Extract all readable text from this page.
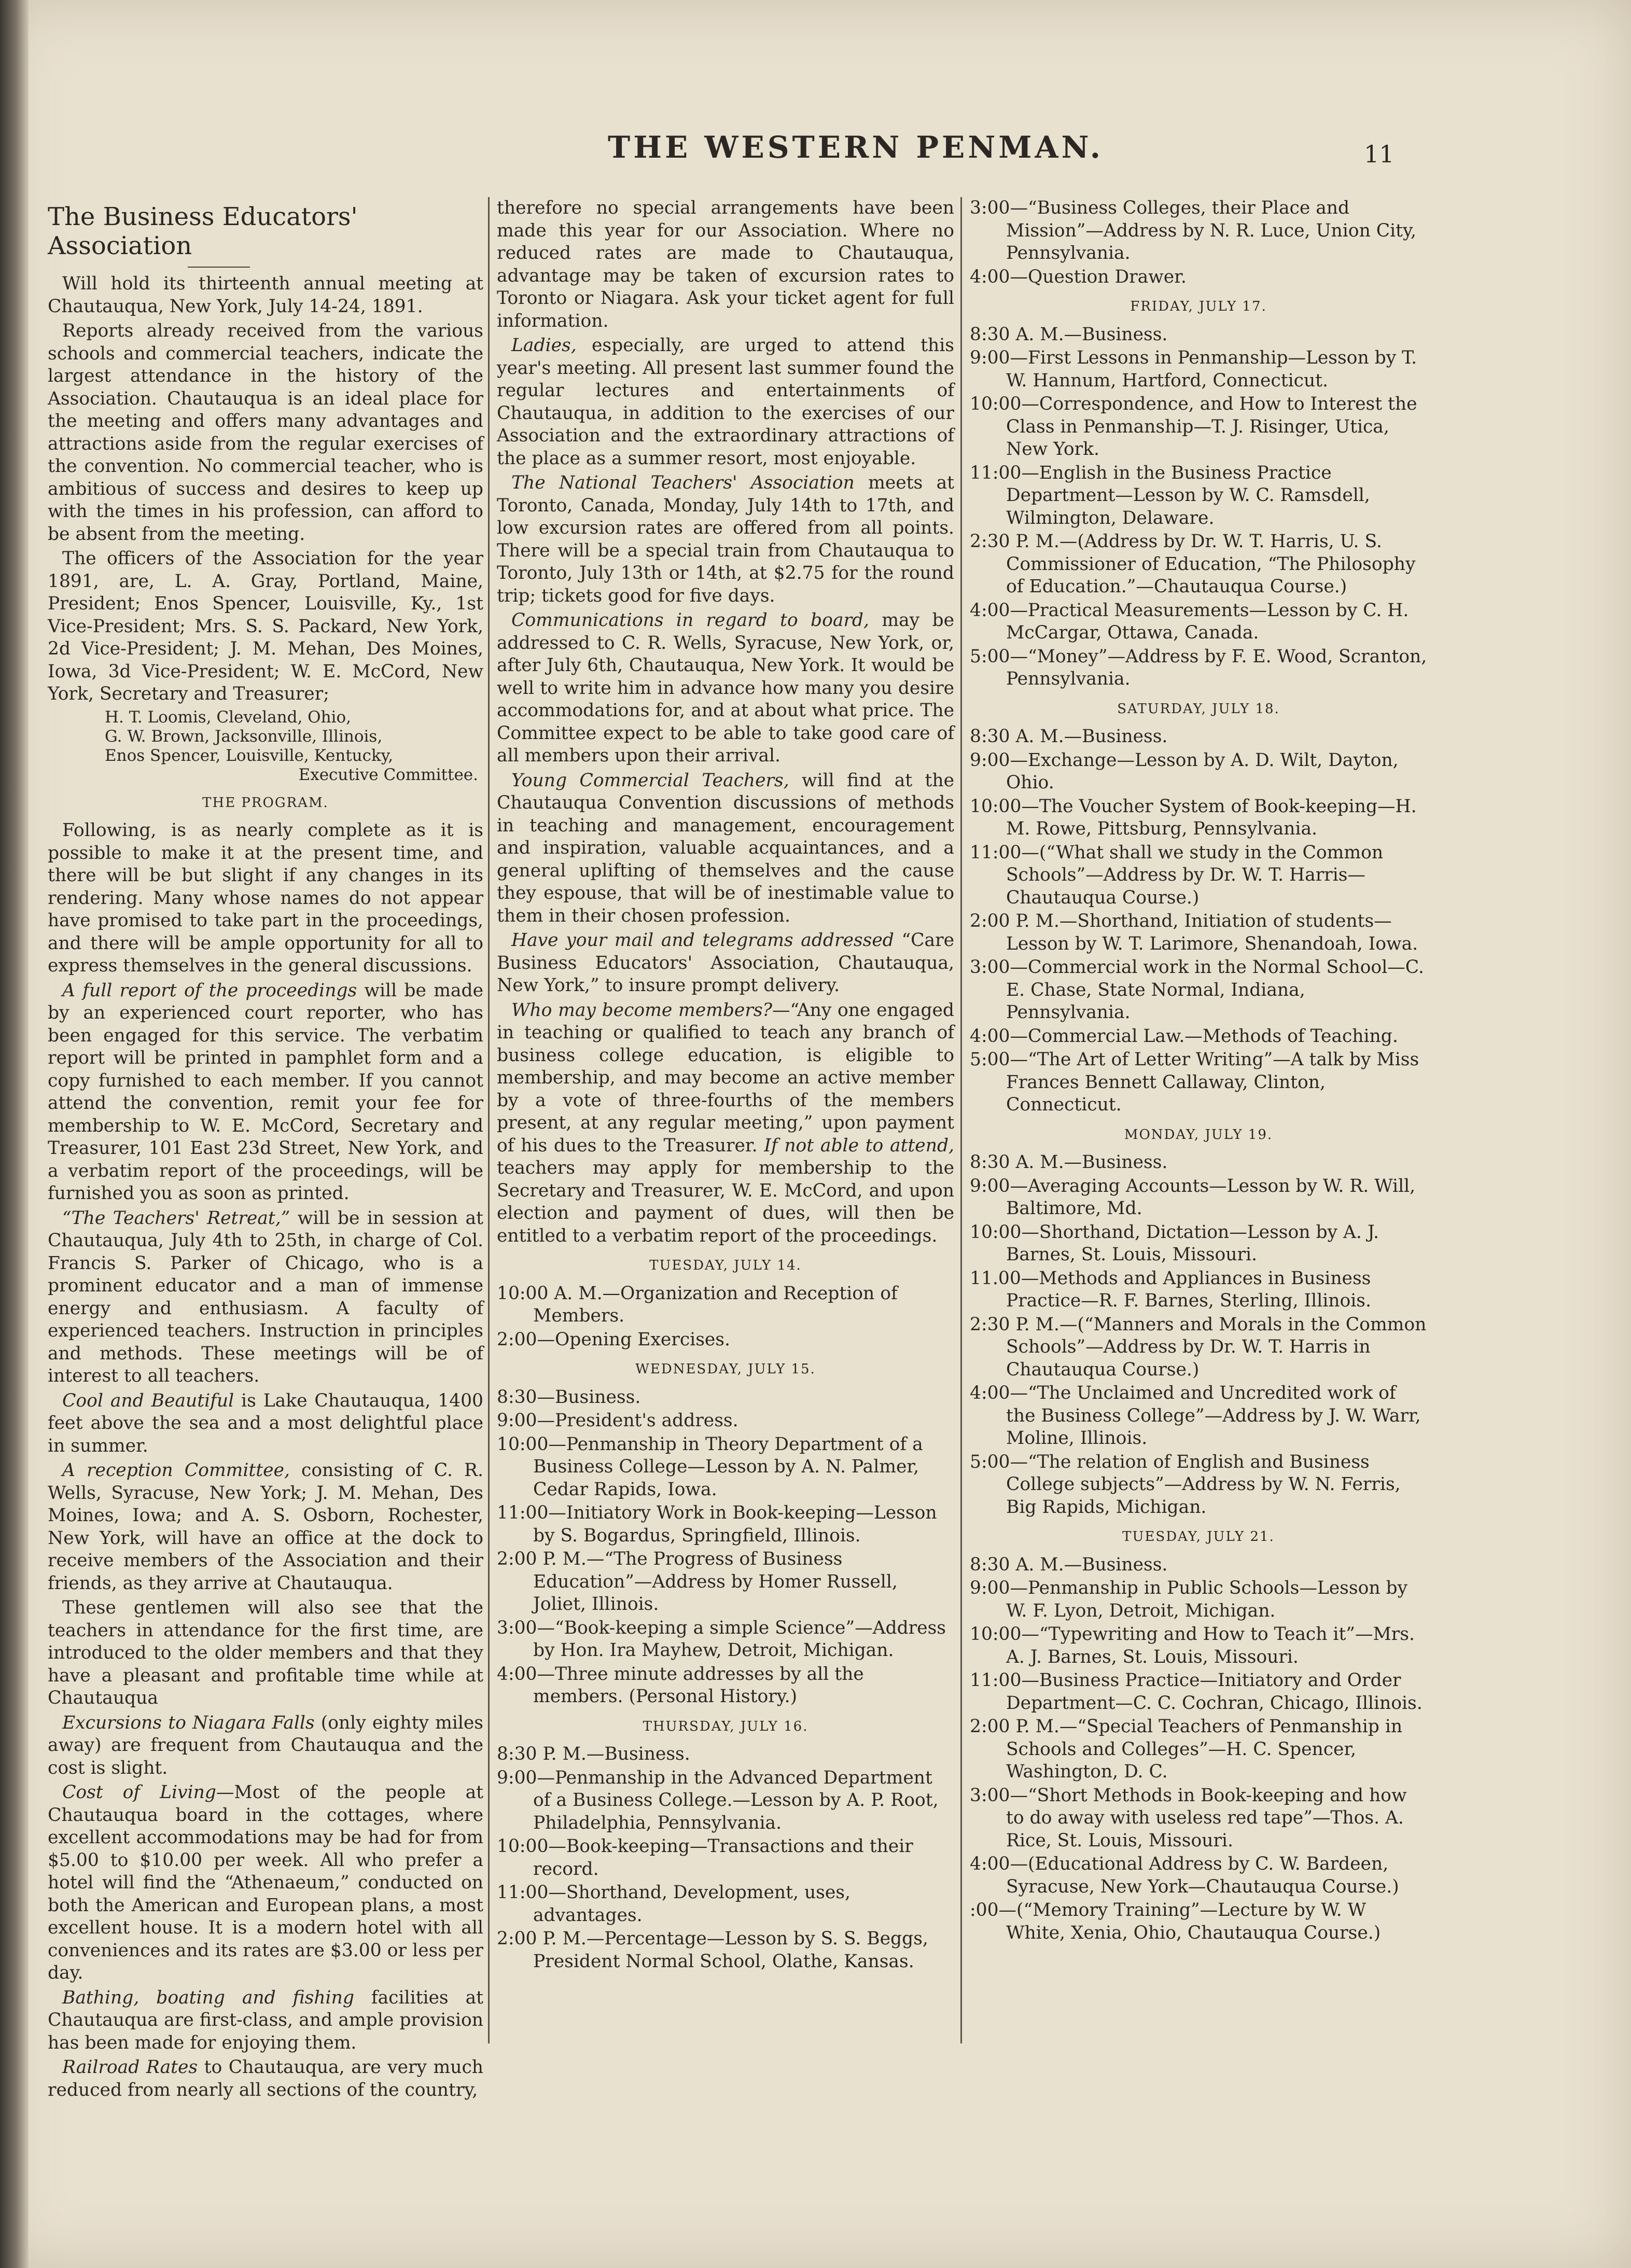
THE WESTERN PENMAN.	11
The Business Educators' Association

Will hold its thirteenth annual meeting at Chautauqua, New York, July 14-24, 1891.

Reports already received from the various schools and commercial teachers, indicate the largest attendance in the history of the Association. Chautauqua is an ideal place for the meeting and offers many advantages and attractions aside from the regular exercises of the convention. No commercial teacher, who is ambitious of success and desires to keep up with the times in his profession, can afford to be absent from the meeting.

The officers of the Association for the year 1891, are, L. A. Gray, Portland, Maine, President; Enos Spencer, Louisville, Ky., 1st Vice-President; Mrs. S. S. Packard, New York, 2d Vice-President; J. M. Mehan, Des Moines, Iowa, 3d Vice-President; W. E. McCord, New York, Secretary and Treasurer;

H. T. Loomis, Cleveland, Ohio,
G. W. Brown, Jacksonville, Illinois,
Enos Spencer, Louisville, Kentucky,
Executive Committee.
THE PROGRAM.

Following, is as nearly complete as it is possible to make it at the present time, and there will be but slight if any changes in its rendering. Many whose names do not appear have promised to take part in the proceedings, and there will be ample opportunity for all to express themselves in the general discussions.

A full report of the proceedings will be made by an experienced court reporter, who has been engaged for this service. The verbatim report will be printed in pamphlet form and a copy furnished to each member. If you cannot attend the convention, remit your fee for membership to W. E. McCord, Secretary and Treasurer, 101 East 23d Street, New York, and a verbatim report of the proceedings, will be furnished you as soon as printed.

“The Teachers' Retreat,” will be in session at Chautauqua, July 4th to 25th, in charge of Col. Francis S. Parker of Chicago, who is a prominent educator and a man of immense energy and enthusiasm. A faculty of experienced teachers. Instruction in principles and methods. These meetings will be of interest to all teachers.

Cool and Beautiful is Lake Chautauqua, 1400 feet above the sea and a most delightful place in summer.

A reception Committee, consisting of C. R. Wells, Syracuse, New York; J. M. Mehan, Des Moines, Iowa; and A. S. Osborn, Rochester, New York, will have an office at the dock to receive members of the Association and their friends, as they arrive at Chautauqua.

These gentlemen will also see that the teachers in attendance for the first time, are introduced to the older members and that they have a pleasant and profitable time while at Chautauqua

Excursions to Niagara Falls (only eighty miles away) are frequent from Chautauqua and the cost is slight.

Cost of Living—Most of the people at Chautauqua board in the cottages, where excellent accommodations may be had for from $5.00 to $10.00 per week. All who prefer a hotel will find the “Athenaeum,” conducted on both the American and European plans, a most excellent house. It is a modern hotel with all conveniences and its rates are $3.00 or less per day.

Bathing, boating and fishing facilities at Chautauqua are first-class, and ample provision has been made for enjoying them.

Railroad Rates to Chautauqua, are very much reduced from nearly all sections of the country,

therefore no special arrangements have been made this year for our Association. Where no reduced rates are made to Chautauqua, advantage may be taken of excursion rates to Toronto or Niagara. Ask your ticket agent for full information.

Ladies, especially, are urged to attend this year's meeting. All present last summer found the regular lectures and entertainments of Chautauqua, in addition to the exercises of our Association and the extraordinary attractions of the place as a summer resort, most enjoyable.

The National Teachers' Association meets at Toronto, Canada, Monday, July 14th to 17th, and low excursion rates are offered from all points. There will be a special train from Chautauqua to Toronto, July 13th or 14th, at $2.75 for the round trip; tickets good for five days.

Communications in regard to board, may be addressed to C. R. Wells, Syracuse, New York, or, after July 6th, Chautauqua, New York. It would be well to write him in advance how many you desire accommodations for, and at about what price. The Committee expect to be able to take good care of all members upon their arrival.

Young Commercial Teachers, will find at the Chautauqua Convention discussions of methods in teaching and management, encouragement and inspiration, valuable acquaintances, and a general uplifting of themselves and the cause they espouse, that will be of inestimable value to them in their chosen profession.

Have your mail and telegrams addressed “Care Business Educators' Association, Chautauqua, New York,” to insure prompt delivery.

Who may become members?—“Any one engaged in teaching or qualified to teach any branch of business college education, is eligible to membership, and may become an active member by a vote of three-fourths of the members present, at any regular meeting,” upon payment of his dues to the Treasurer. If not able to attend, teachers may apply for membership to the Secretary and Treasurer, W. E. McCord, and upon election and payment of dues, will then be entitled to a verbatim report of the proceedings.

TUESDAY, JULY 14.
10:00 A. M.—Organization and Reception of Members.
2:00—Opening Exercises.
WEDNESDAY, JULY 15.
8:30—Business.
9:00—President's address.
10:00—Penmanship in Theory Department of a Business College—Lesson by A. N. Palmer, Cedar Rapids, Iowa.
11:00—Initiatory Work in Book-keeping—Lesson by S. Bogardus, Springfield, Illinois.
2:00 P. M.—“The Progress of Business Education”—Address by Homer Russell, Joliet, Illinois.
3:00—“Book-keeping a simple Science”—Address by Hon. Ira Mayhew, Detroit, Michigan.
4:00—Three minute addresses by all the members. (Personal History.)
THURSDAY, JULY 16.
8:30 P. M.—Business.
9:00—Penmanship in the Advanced Department of a Business College.—Lesson by A. P. Root, Philadelphia, Pennsylvania.
10:00—Book-keeping—Transactions and their record.
11:00—Shorthand, Development, uses, advantages.
2:00 P. M.—Percentage—Lesson by S. S. Beggs, President Normal School, Olathe, Kansas.
3:00—“Business Colleges, their Place and Mission”—Address by N. R. Luce, Union City, Pennsylvania.
4:00—Question Drawer.
FRIDAY, JULY 17.
8:30 A. M.—Business.
9:00—First Lessons in Penmanship—Lesson by T. W. Hannum, Hartford, Connecticut.
10:00—Correspondence, and How to Interest the Class in Penmanship—T. J. Risinger, Utica, New York.
11:00—English in the Business Practice Department—Lesson by W. C. Ramsdell, Wilmington, Delaware.
2:30 P. M.—(Address by Dr. W. T. Harris, U. S. Commissioner of Education, “The Philosophy of Education.”—Chautauqua Course.)
4:00—Practical Measurements—Lesson by C. H. McCargar, Ottawa, Canada.
5:00—“Money”—Address by F. E. Wood, Scranton, Pennsylvania.
SATURDAY, JULY 18.
8:30 A. M.—Business.
9:00—Exchange—Lesson by A. D. Wilt, Dayton, Ohio.
10:00—The Voucher System of Book-keeping—H. M. Rowe, Pittsburg, Pennsylvania.
11:00—(“What shall we study in the Common Schools”—Address by Dr. W. T. Harris—Chautauqua Course.)
2:00 P. M.—Shorthand, Initiation of students—Lesson by W. T. Larimore, Shenandoah, Iowa.
3:00—Commercial work in the Normal School—C. E. Chase, State Normal, Indiana, Pennsylvania.
4:00—Commercial Law.—Methods of Teaching.
5:00—“The Art of Letter Writing”—A talk by Miss Frances Bennett Callaway, Clinton, Connecticut.
MONDAY, JULY 19.
8:30 A. M.—Business.
9:00—Averaging Accounts—Lesson by W. R. Will, Baltimore, Md.
10:00—Shorthand, Dictation—Lesson by A. J. Barnes, St. Louis, Missouri.
11.00—Methods and Appliances in Business Practice—R. F. Barnes, Sterling, Illinois.
2:30 P. M.—(“Manners and Morals in the Common Schools”—Address by Dr. W. T. Harris in Chautauqua Course.)
4:00—“The Unclaimed and Uncredited work of the Business College”—Address by J. W. Warr, Moline, Illinois.
5:00—“The relation of English and Business College subjects”—Address by W. N. Ferris, Big Rapids, Michigan.
TUESDAY, JULY 21.
8:30 A. M.—Business.
9:00—Penmanship in Public Schools—Lesson by W. F. Lyon, Detroit, Michigan.
10:00—“Typewriting and How to Teach it”—Mrs. A. J. Barnes, St. Louis, Missouri.
11:00—Business Practice—Initiatory and Order Department—C. C. Cochran, Chicago, Illinois.
2:00 P. M.—“Special Teachers of Penmanship in Schools and Colleges”—H. C. Spencer, Washington, D. C.
3:00—“Short Methods in Book-keeping and how to do away with useless red tape”—Thos. A. Rice, St. Louis, Missouri.
4:00—(Educational Address by C. W. Bardeen, Syracuse, New York—Chautauqua Course.)
:00—(“Memory Training”—Lecture by W. W White, Xenia, Ohio, Chautauqua Course.)
